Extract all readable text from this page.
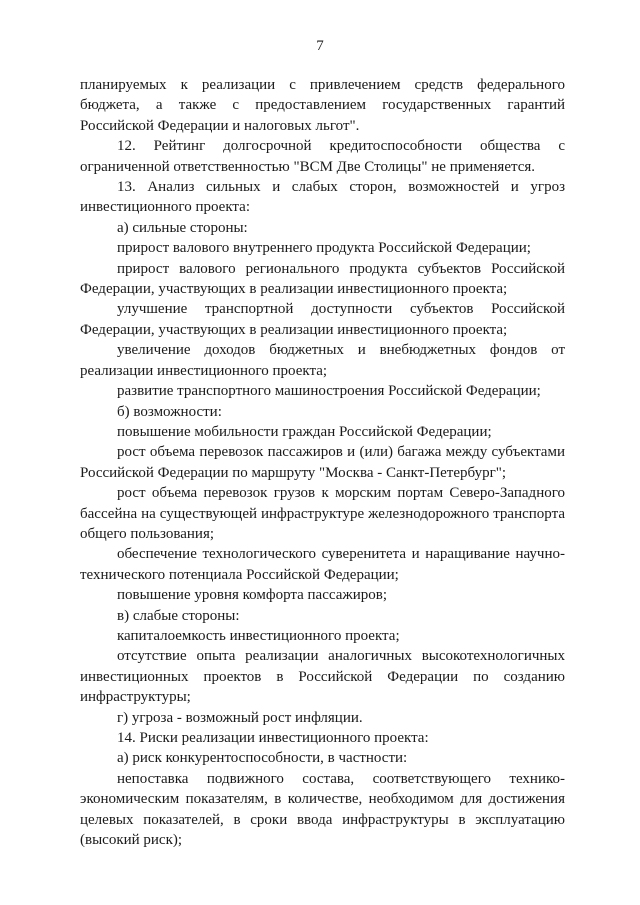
7

планируемых к реализации с привлечением средств федерального бюджета, а также с предоставлением государственных гарантий Российской Федерации и налоговых льгот".

12. Рейтинг долгосрочной кредитоспособности общества с ограниченной ответственностью "ВСМ Две Столицы" не применяется.

13. Анализ сильных и слабых сторон, возможностей и угроз инвестиционного проекта:

а) сильные стороны:

прирост валового внутреннего продукта Российской Федерации;

прирост валового регионального продукта субъектов Российской Федерации, участвующих в реализации инвестиционного проекта;

улучшение транспортной доступности субъектов Российской Федерации, участвующих в реализации инвестиционного проекта;

увеличение доходов бюджетных и внебюджетных фондов от реализации инвестиционного проекта;

развитие транспортного машиностроения Российской Федерации;

б) возможности:

повышение мобильности граждан Российской Федерации;

рост объема перевозок пассажиров и (или) багажа между субъектами Российской Федерации по маршруту "Москва - Санкт-Петербург";

рост объема перевозок грузов к морским портам Северо-Западного бассейна на существующей инфраструктуре железнодорожного транспорта общего пользования;

обеспечение технологического суверенитета и наращивание научно-технического потенциала Российской Федерации;

повышение уровня комфорта пассажиров;

в) слабые стороны:

капиталоемкость инвестиционного проекта;

отсутствие опыта реализации аналогичных высокотехнологичных инвестиционных проектов в Российской Федерации по созданию инфраструктуры;

г) угроза - возможный рост инфляции.

14. Риски реализации инвестиционного проекта:

а) риск конкурентоспособности, в частности:

непоставка подвижного состава, соответствующего технико-экономическим показателям, в количестве, необходимом для достижения целевых показателей, в сроки ввода инфраструктуры в эксплуатацию (высокий риск);
